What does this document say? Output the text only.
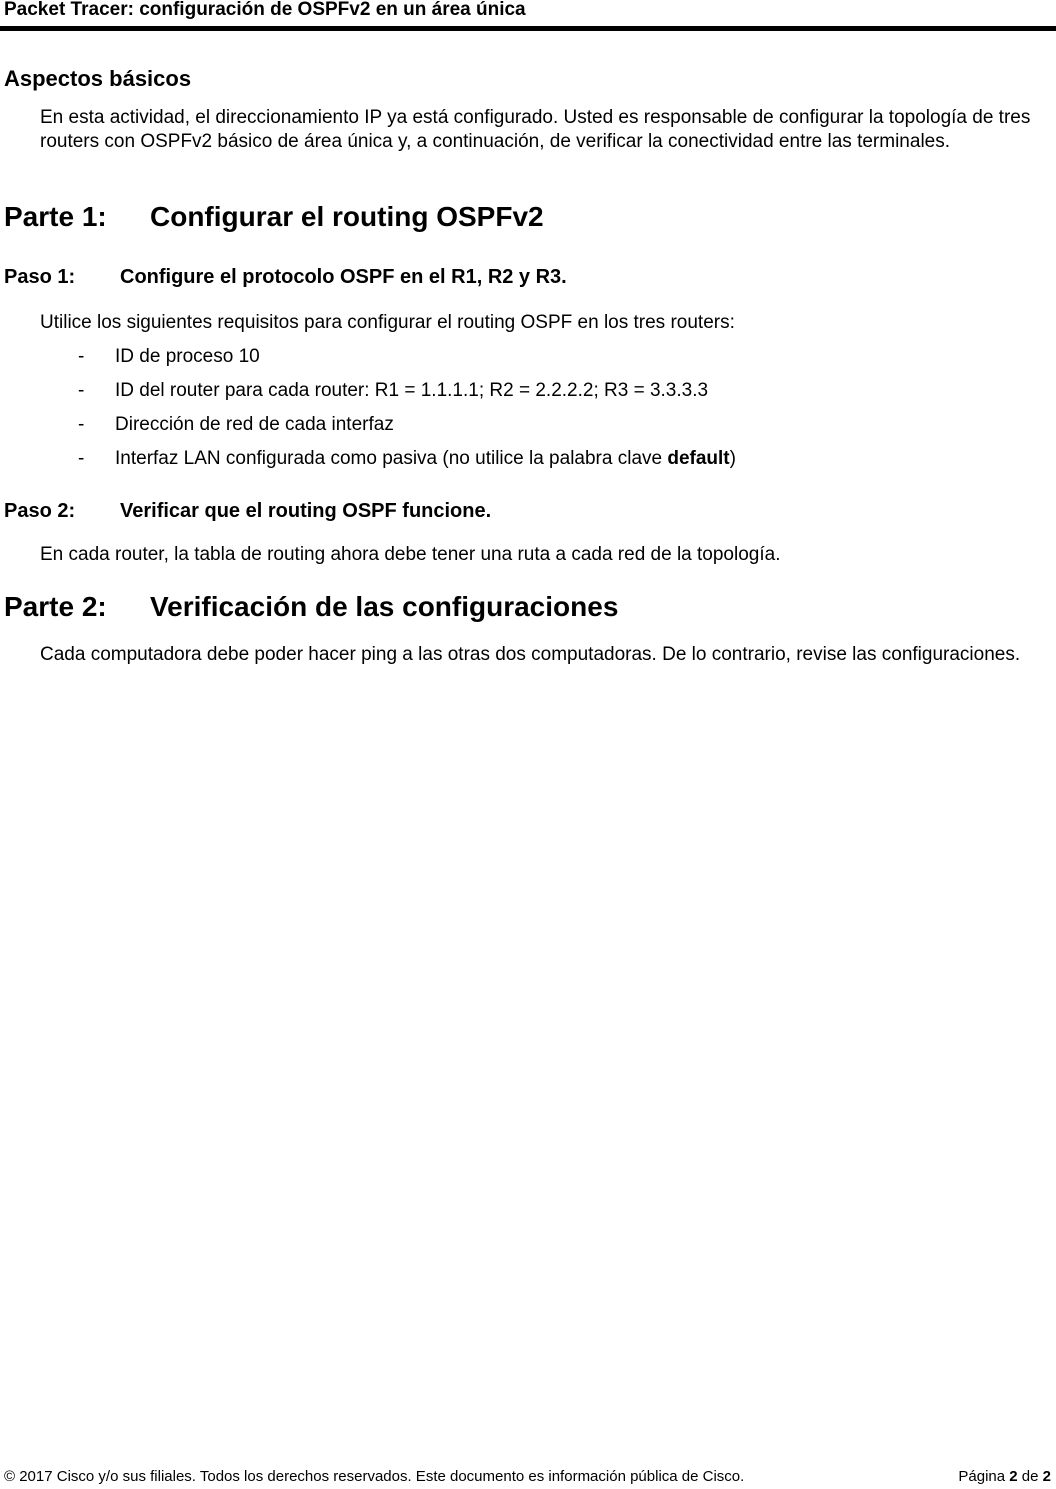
Packet Tracer: configuración de OSPFv2 en un área única
Aspectos básicos
En esta actividad, el direccionamiento IP ya está configurado. Usted es responsable de configurar la topología de tres routers con OSPFv2 básico de área única y, a continuación, de verificar la conectividad entre las terminales.
Parte 1: Configurar el routing OSPFv2
Paso 1: Configure el protocolo OSPF en el R1, R2 y R3.
Utilice los siguientes requisitos para configurar el routing OSPF en los tres routers:
- ID de proceso 10
- ID del router para cada router: R1 = 1.1.1.1; R2 = 2.2.2.2; R3 = 3.3.3.3
- Dirección de red de cada interfaz
- Interfaz LAN configurada como pasiva (no utilice la palabra clave default)
Paso 2: Verificar que el routing OSPF funcione.
En cada router, la tabla de routing ahora debe tener una ruta a cada red de la topología.
Parte 2: Verificación de las configuraciones
Cada computadora debe poder hacer ping a las otras dos computadoras. De lo contrario, revise las configuraciones.
© 2017 Cisco y/o sus filiales. Todos los derechos reservados. Este documento es información pública de Cisco.	Página 2 de 2
